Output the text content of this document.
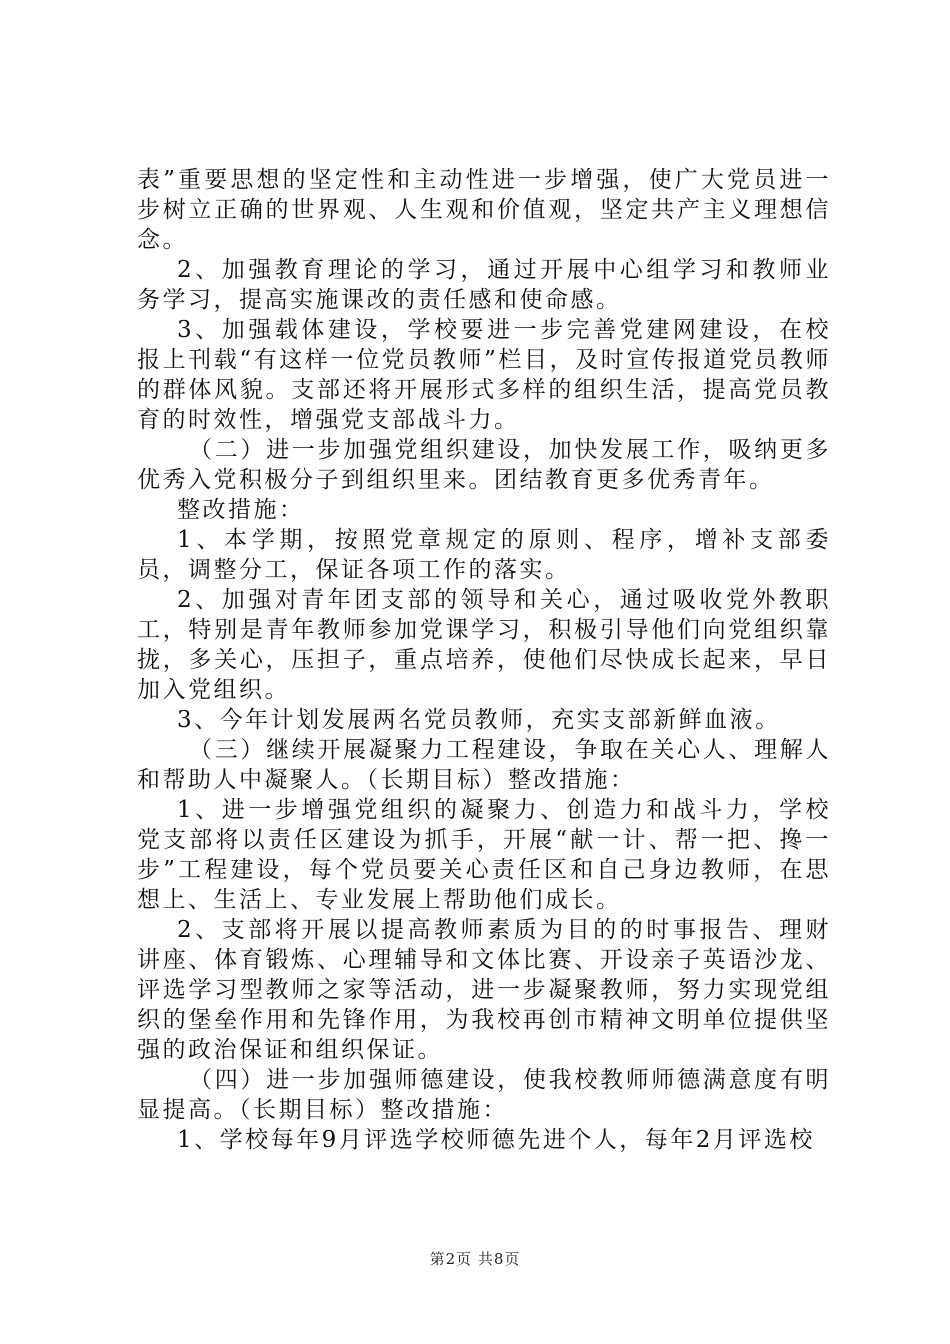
表”重要思想的坚定性和主动性进一步增强，使广大党员进一步树立正确的世界观、人生观和价值观，坚定共产主义理想信念。

2、加强教育理论的学习，通过开展中心组学习和教师业务学习，提高实施课改的责任感和使命感。

3、加强载体建设，学校要进一步完善党建网建设，在校报上刊载“有这样一位党员教师”栏目，及时宣传报道党员教师的群体风貌。支部还将开展形式多样的组织生活，提高党员教育的时效性，增强党支部战斗力。

（二）进一步加强党组织建设，加快发展工作，吸纳更多优秀入党积极分子到组织里来。团结教育更多优秀青年。

整改措施：

1、本学期，按照党章规定的原则、程序，增补支部委员，调整分工，保证各项工作的落实。

2、加强对青年团支部的领导和关心，通过吸收党外教职工，特别是青年教师参加党课学习，积极引导他们向党组织靠拢，多关心，压担子，重点培养，使他们尽快成长起来，早日加入党组织。

3、今年计划发展两名党员教师，充实支部新鲜血液。

（三）继续开展凝聚力工程建设，争取在关心人、理解人和帮助人中凝聚人。（长期目标）整改措施：

1、进一步增强党组织的凝聚力、创造力和战斗力，学校党支部将以责任区建设为抓手，开展“献一计、帮一把、搀一步”工程建设，每个党员要关心责任区和自己身边教师，在思想上、生活上、专业发展上帮助他们成长。

2、支部将开展以提高教师素质为目的的时事报告、理财讲座、体育锻炼、心理辅导和文体比赛、开设亲子英语沙龙、评选学习型教师之家等活动，进一步凝聚教师，努力实现党组织的堡垒作用和先锋作用，为我校再创市精神文明单位提供坚强的政治保证和组织保证。

（四）进一步加强师德建设，使我校教师师德满意度有明显提高。（长期目标）整改措施：

1、学校每年9月评选学校师德先进个人，每年2月评选校

第2页 共8页
